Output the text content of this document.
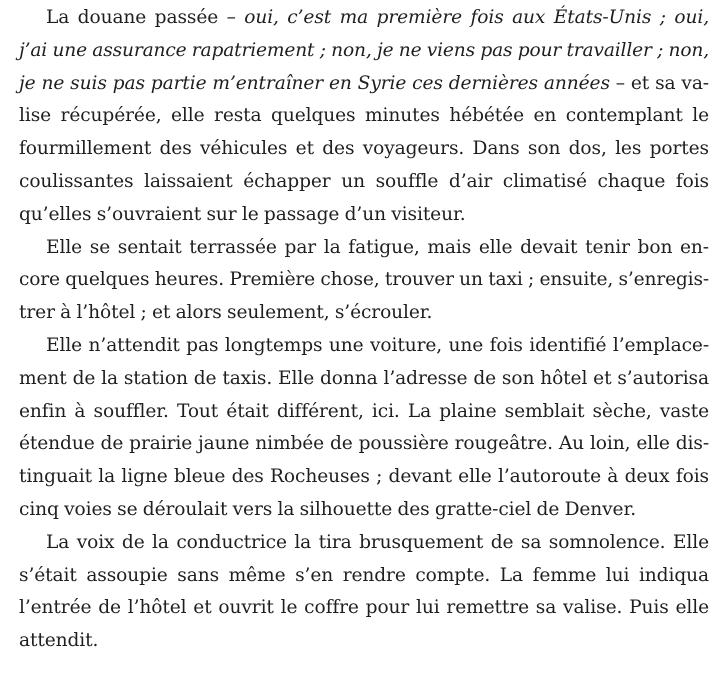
La douane passée – oui, c’est ma première fois aux États-Unis ; oui,
j’ai une assurance rapatriement ; non, je ne viens pas pour travailler ; non,
je ne suis pas partie m’entraîner en Syrie ces dernières années – et sa va-
lise récupérée, elle resta quelques minutes hébétée en contemplant le
fourmillement des véhicules et des voyageurs. Dans son dos, les portes
coulissantes laissaient échapper un souffle d’air climatisé chaque fois
qu’elles s’ouvraient sur le passage d’un visiteur.
Elle se sentait terrassée par la fatigue, mais elle devait tenir bon en-
core quelques heures. Première chose, trouver un taxi ; ensuite, s’enregis-
trer à l’hôtel ; et alors seulement, s’écrouler.
Elle n’attendit pas longtemps une voiture, une fois identifié l’emplace-
ment de la station de taxis. Elle donna l’adresse de son hôtel et s’autorisa
enfin à souffler. Tout était différent, ici. La plaine semblait sèche, vaste
étendue de prairie jaune nimbée de poussière rougeâtre. Au loin, elle dis-
tinguait la ligne bleue des Rocheuses ; devant elle l’autoroute à deux fois
cinq voies se déroulait vers la silhouette des gratte-ciel de Denver.
La voix de la conductrice la tira brusquement de sa somnolence. Elle
s’était assoupie sans même s’en rendre compte. La femme lui indiqua
l’entrée de l’hôtel et ouvrit le coffre pour lui remettre sa valise. Puis elle
attendit.
